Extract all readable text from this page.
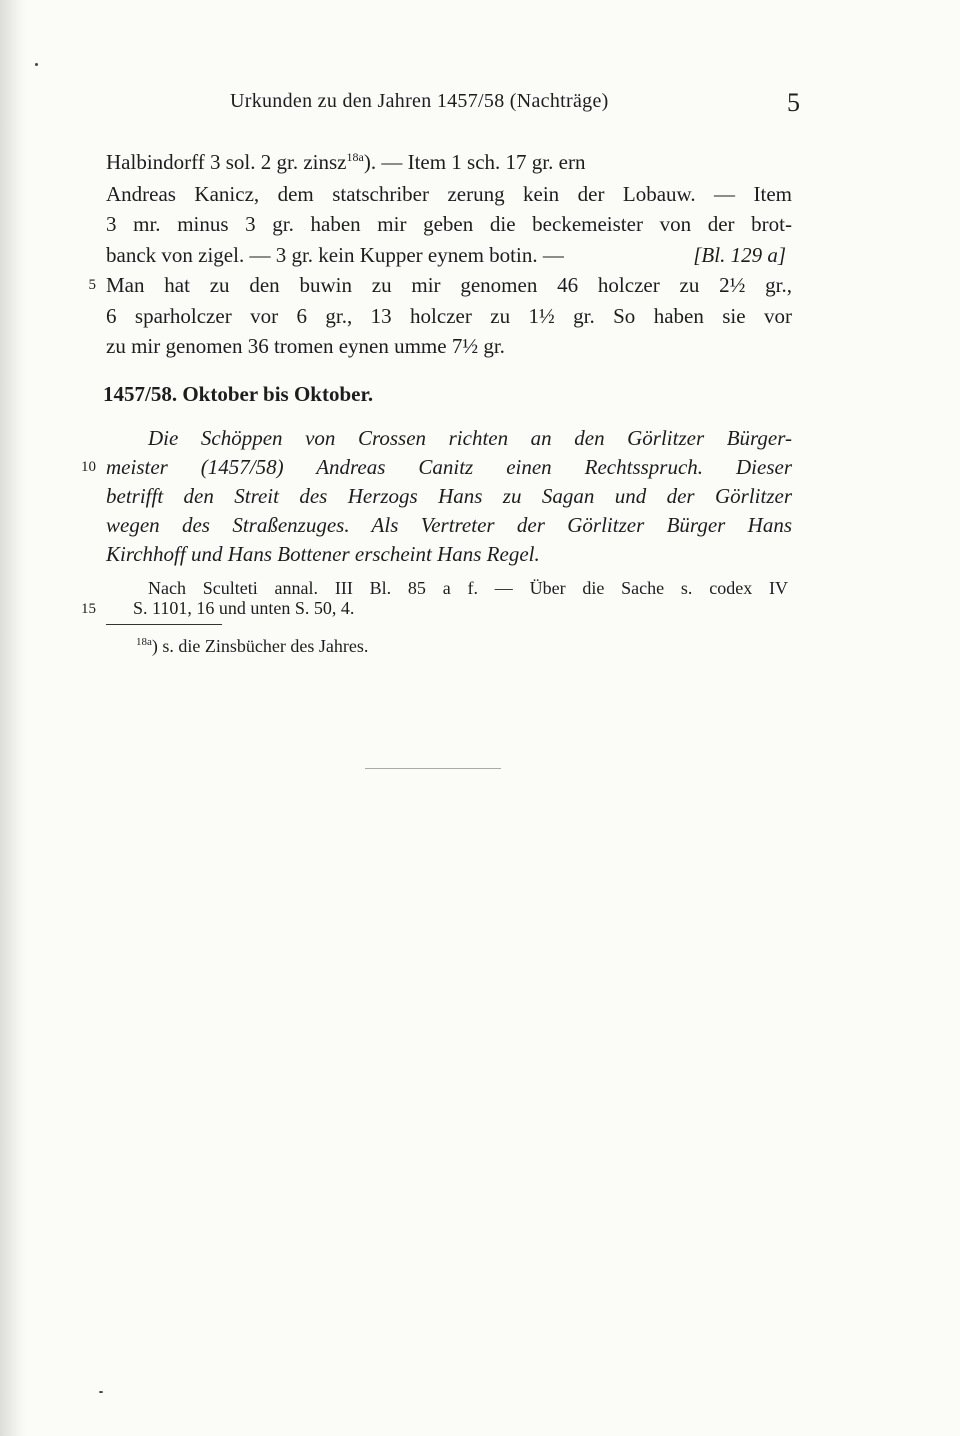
Urkunden zu den Jahren 1457/58 (Nachträge)	5
Halbindorff 3 sol. 2 gr. zinsz$^{18a}$). — Item 1 sch. 17 gr. ern
Andreas Kanicz, dem statschriber zerung kein der Lobauw. — Item
3 mr. minus 3 gr. haben mir geben die beckemeister von der brot-
banck von zigel. — 3 gr. kein Kupper eynem botin. —	[Bl. 129 a]
5 Man hat zu den buwin zu mir genomen 46 holczer zu 2½ gr.,
6 sparholczer vor 6 gr., 13 holczer zu 1½ gr. So haben sie vor
zu mir genomen 36 tromen eynen umme 7½ gr.
1457/58. Oktober bis Oktober.
Die Schöppen von Crossen richten an den Görlitzer Bürger-
10 meister (1457/58) Andreas Canitz einen Rechtsspruch. Dieser
betrifft den Streit des Herzogs Hans zu Sagan und der Görlitzer
wegen des Straßenzuges. Als Vertreter der Görlitzer Bürger Hans
Kirchhoff und Hans Bottener erscheint Hans Regel.
Nach Sculteti annal. III Bl. 85 a f. — Über die Sache s. codex IV
15 S. 1101, 16 und unten S. 50, 4.
$^{18a}$) s. die Zinsbücher des Jahres.
